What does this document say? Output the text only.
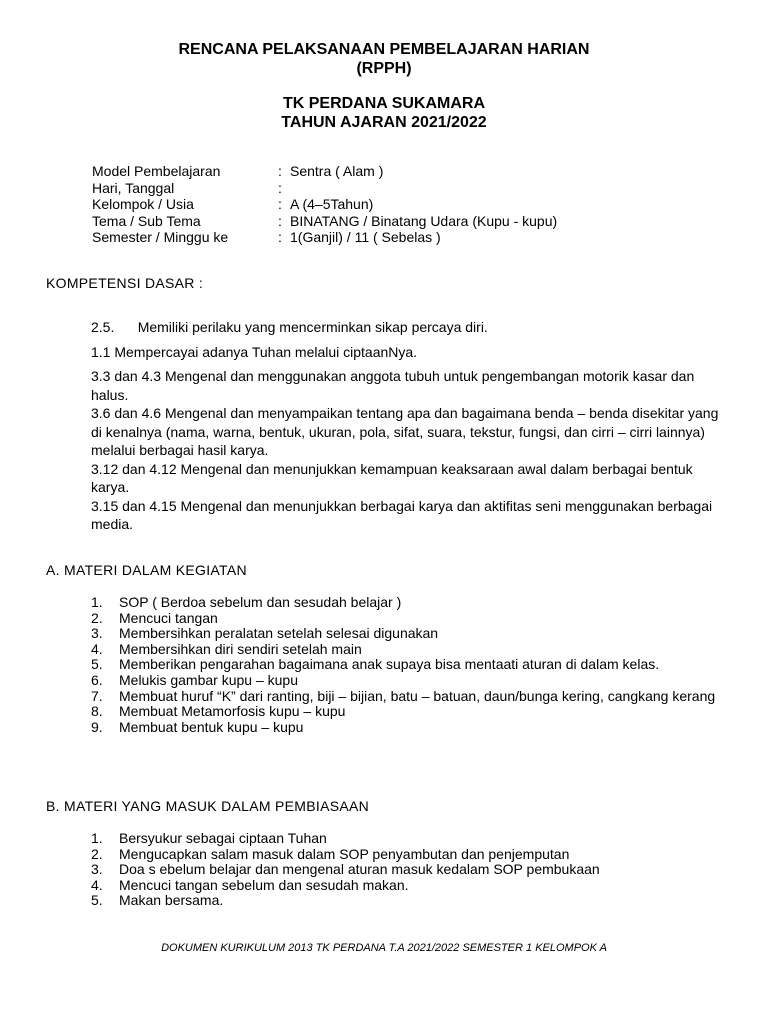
RENCANA PELAKSANAAN PEMBELAJARAN HARIAN
(RPPH)
TK PERDANA SUKAMARA
TAHUN AJARAN 2021/2022
Model Pembelajaran	: Sentra ( Alam )
Hari, Tanggal	:
Kelompok / Usia	: A (4–5Tahun)
Tema / Sub Tema	: BINATANG / Binatang Udara (Kupu - kupu)
Semester / Minggu ke	: 1(Ganjil) / 11 ( Sebelas )
KOMPETENSI DASAR :

2.5.      Memiliki perilaku yang mencerminkan sikap percaya diri.

1.1 Mempercayai adanya Tuhan melalui ciptaanNya.

3.3 dan 4.3 Mengenal dan menggunakan anggota tubuh untuk pengembangan motorik kasar dan halus.

3.6 dan 4.6 Mengenal dan menyampaikan tentang apa dan bagaimana benda – benda disekitar yang di kenalnya (nama, warna, bentuk, ukuran, pola, sifat, suara, tekstur, fungsi, dan cirri – cirri lainnya) melalui berbagai hasil karya.

3.12 dan 4.12 Mengenal dan menunjukkan kemampuan keaksaraan awal dalam berbagai bentuk karya.

3.15 dan 4.15 Mengenal dan menunjukkan berbagai karya dan aktifitas seni menggunakan berbagai media.

A. MATERI DALAM KEGIATAN
1.	SOP ( Berdoa sebelum dan sesudah belajar )
2.	Mencuci tangan
3.	Membersihkan peralatan setelah selesai digunakan
4.	Membersihkan diri sendiri setelah main
5.	Memberikan pengarahan bagaimana anak supaya bisa mentaati aturan di dalam kelas.
6.	Melukis gambar kupu – kupu
7.	Membuat huruf “K” dari ranting, biji – bijian, batu – batuan, daun/bunga kering, cangkang kerang
8.	Membuat Metamorfosis kupu – kupu
9.	Membuat bentuk kupu – kupu
B. MATERI YANG MASUK DALAM PEMBIASAAN
1.	Bersyukur sebagai ciptaan Tuhan
2.	Mengucapkan salam masuk dalam SOP penyambutan dan penjemputan
3.	Doa s ebelum belajar dan mengenal aturan masuk kedalam SOP pembukaan
4.	Mencuci tangan sebelum dan sesudah makan.
5.	Makan bersama.
DOKUMEN KURIKULUM 2013 TK PERDANA T.A 2021/2022 SEMESTER 1 KELOMPOK A
